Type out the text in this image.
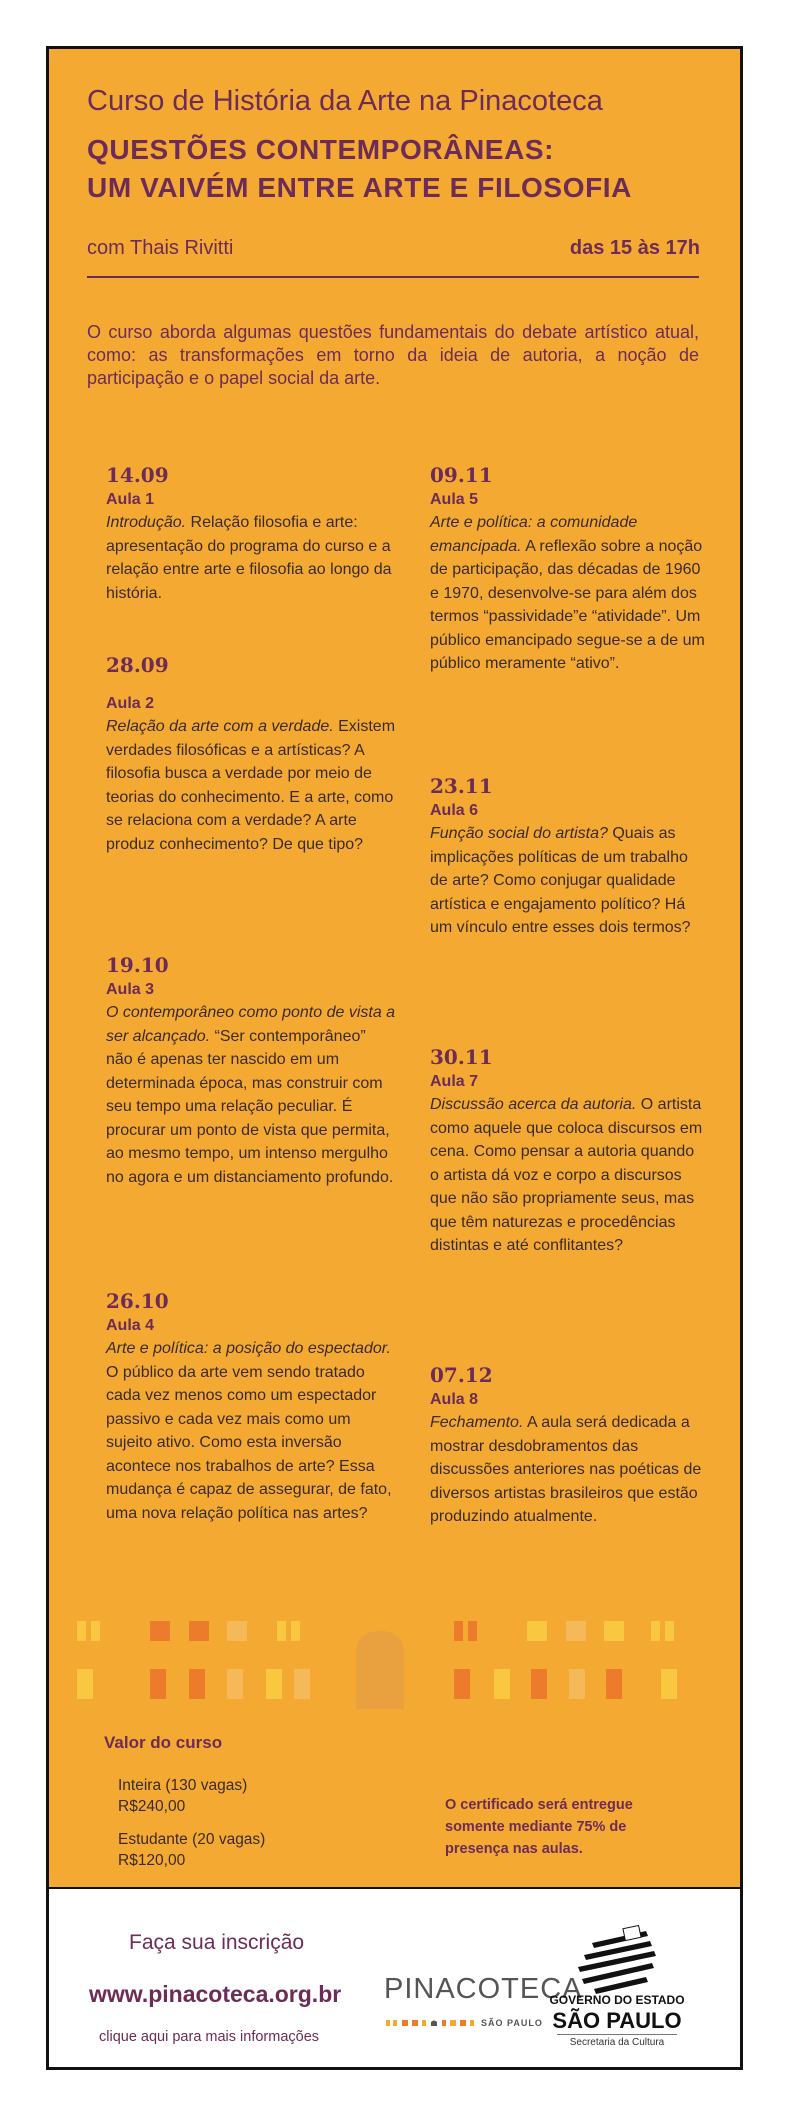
Curso de História da Arte na Pinacoteca
QUESTÕES CONTEMPORÂNEAS:
UM VAIVÉM ENTRE ARTE E FILOSOFIA
com Thais Rivitti	das 15 às 17h
O curso aborda algumas questões fundamentais do debate artístico atual, como: as transformações em torno da ideia de autoria, a noção de participação e o papel social da arte.
14.09
Aula 1
Introdução. Relação filosofia e arte: apresentação do programa do curso e a relação entre arte e filosofia ao longo da história.
28.09
Aula 2
Relação da arte com a verdade. Existem verdades filosóficas e a artísticas? A filosofia busca a verdade por meio de teorias do conhecimento. E a arte, como se relaciona com a verdade? A arte produz conhecimento? De que tipo?
19.10
Aula 3
O contemporâneo como ponto de vista a ser alcançado. “Ser contemporâneo” não é apenas ter nascido em um determinada época, mas construir com seu tempo uma relação peculiar. É procurar um ponto de vista que permita, ao mesmo tempo, um intenso mergulho no agora e um distanciamento profundo.
26.10
Aula 4
Arte e política: a posição do espectador. O público da arte vem sendo tratado cada vez menos como um espectador passivo e cada vez mais como um sujeito ativo. Como esta inversão acontece nos trabalhos de arte? Essa mudança é capaz de assegurar, de fato, uma nova relação política nas artes?
09.11
Aula 5
Arte e política: a comunidade emancipada. A reflexão sobre a noção de participação, das décadas de 1960 e 1970, desenvolve-se para além dos termos “passividade”e “atividade”. Um público emancipado segue-se a de um público meramente “ativo”.
23.11
Aula 6
Função social do artista? Quais as implicações políticas de um trabalho de arte? Como conjugar qualidade artística e engajamento político? Há um vínculo entre esses dois termos?
30.11
Aula 7
Discussão acerca da autoria. O artista como aquele que coloca discursos em cena. Como pensar a autoria quando o artista dá voz e corpo a discursos que não são propriamente seus, mas que têm naturezas e procedências distintas e até conflitantes?
07.12
Aula 8
Fechamento. A aula será dedicada a mostrar desdobramentos das discussões anteriores nas poéticas de diversos artistas brasileiros que estão produzindo atualmente.
Valor do curso
Inteira (130 vagas)
R$240,00
Estudante (20 vagas)
R$120,00
O certificado será entregue somente mediante 75% de presença nas aulas.
Faça sua inscrição
www.pinacoteca.org.br
clique aqui para mais informações
PINACOTECA
SÃO PAULO
GOVERNO DO ESTADO
SÃO PAULO
Secretaria da Cultura
